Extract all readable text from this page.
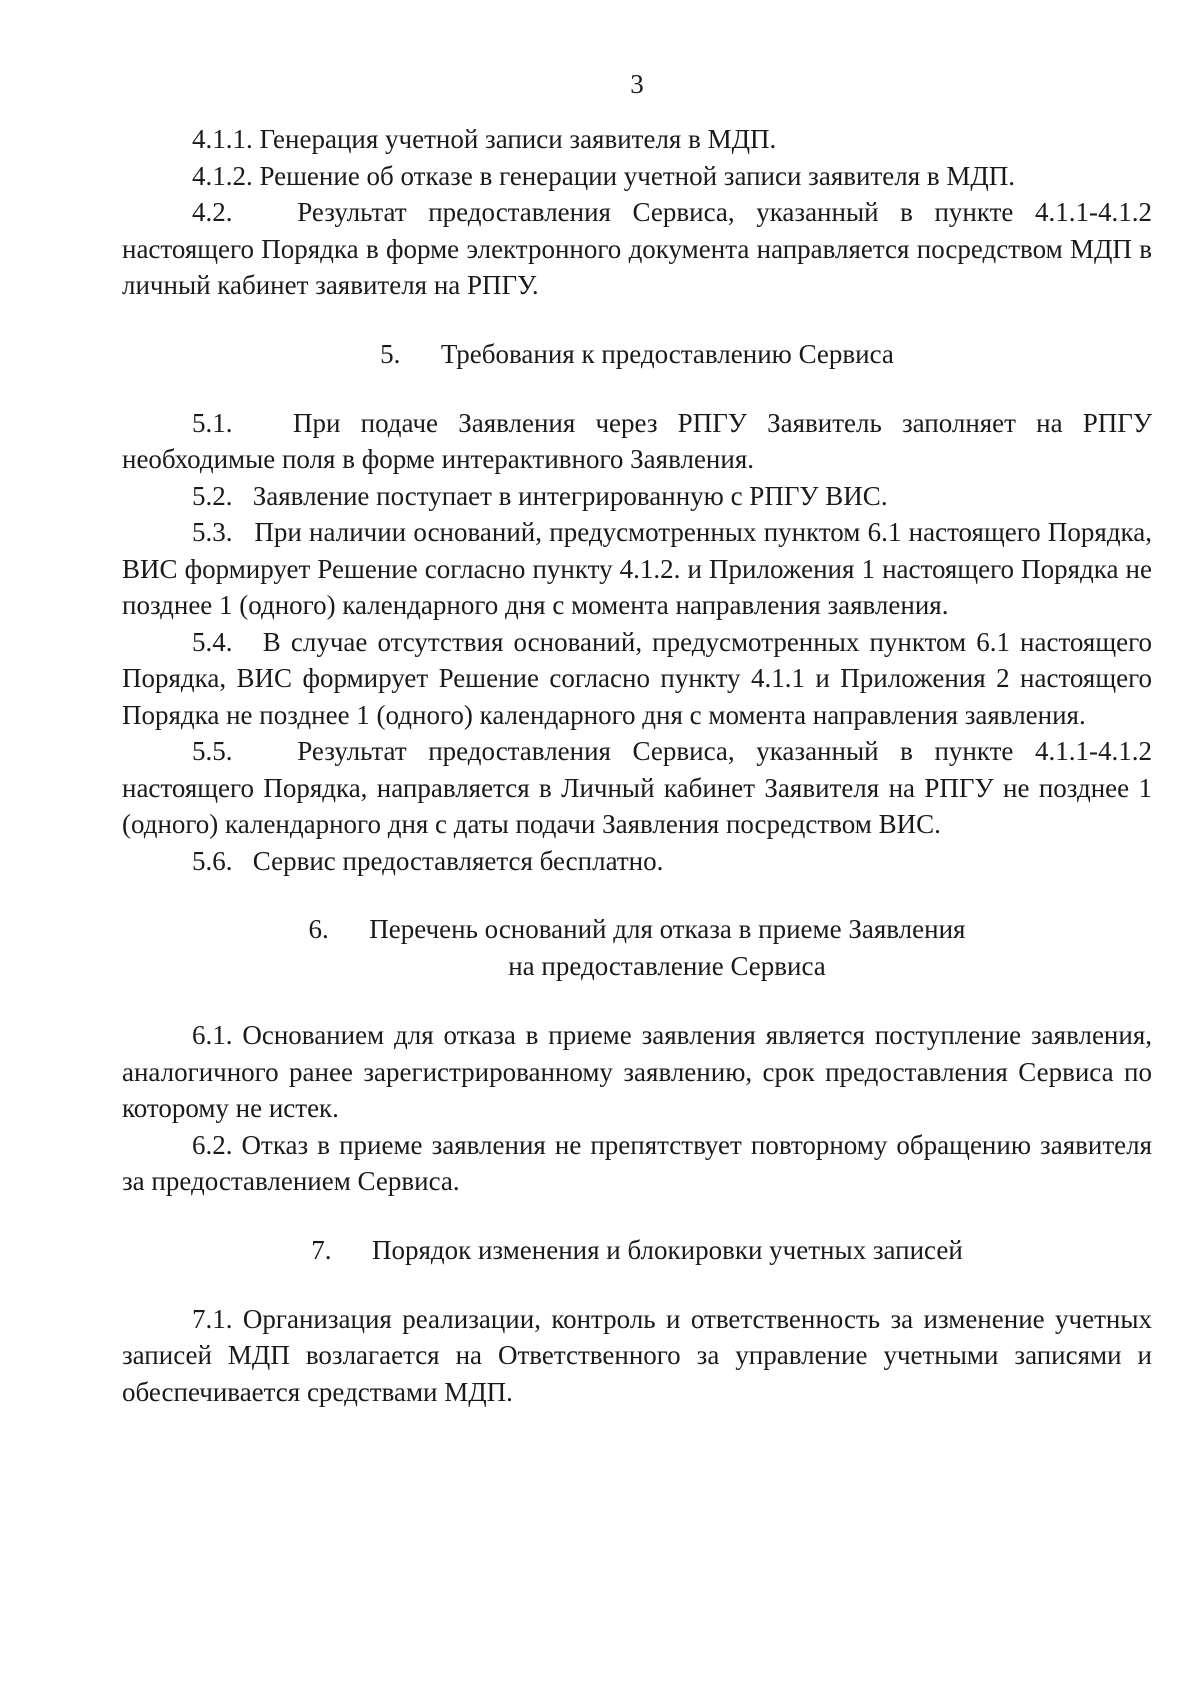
3

4.1.1. Генерация учетной записи заявителя в МДП.

4.1.2. Решение об отказе в генерации учетной записи заявителя в МДП.

4.2.   Результат предоставления Сервиса, указанный в пункте 4.1.1-4.1.2 настоящего Порядка в форме электронного документа направляется посредством МДП в личный кабинет заявителя на РПГУ.

5.      Требования к предоставлению Сервиса

5.1.   При подаче Заявления через РПГУ Заявитель заполняет на РПГУ необходимые поля в форме интерактивного Заявления.

5.2.   Заявление поступает в интегрированную с РПГУ ВИС.

5.3.   При наличии оснований, предусмотренных пунктом 6.1 настоящего Порядка, ВИС формирует Решение согласно пункту 4.1.2. и Приложения 1 настоящего Порядка не позднее 1 (одного) календарного дня с момента направления заявления.

5.4.   В случае отсутствия оснований, предусмотренных пунктом 6.1 настоящего Порядка, ВИС формирует Решение согласно пункту 4.1.1 и Приложения 2 настоящего Порядка не позднее 1 (одного) календарного дня с момента направления заявления.

5.5.   Результат предоставления Сервиса, указанный в пункте 4.1.1-4.1.2 настоящего Порядка, направляется в Личный кабинет Заявителя на РПГУ не позднее 1 (одного) календарного дня с даты подачи Заявления посредством ВИС.

5.6.   Сервис предоставляется бесплатно.

6.      Перечень оснований для отказа в приеме Заявления
на предоставление Сервиса

6.1. Основанием для отказа в приеме заявления является поступление заявления, аналогичного ранее зарегистрированному заявлению, срок предоставления Сервиса по которому не истек.

6.2. Отказ в приеме заявления не препятствует повторному обращению заявителя за предоставлением Сервиса.

7.      Порядок изменения и блокировки учетных записей

7.1. Организация реализации, контроль и ответственность за изменение учетных записей МДП возлагается на Ответственного за управление учетными записями и обеспечивается средствами МДП.
